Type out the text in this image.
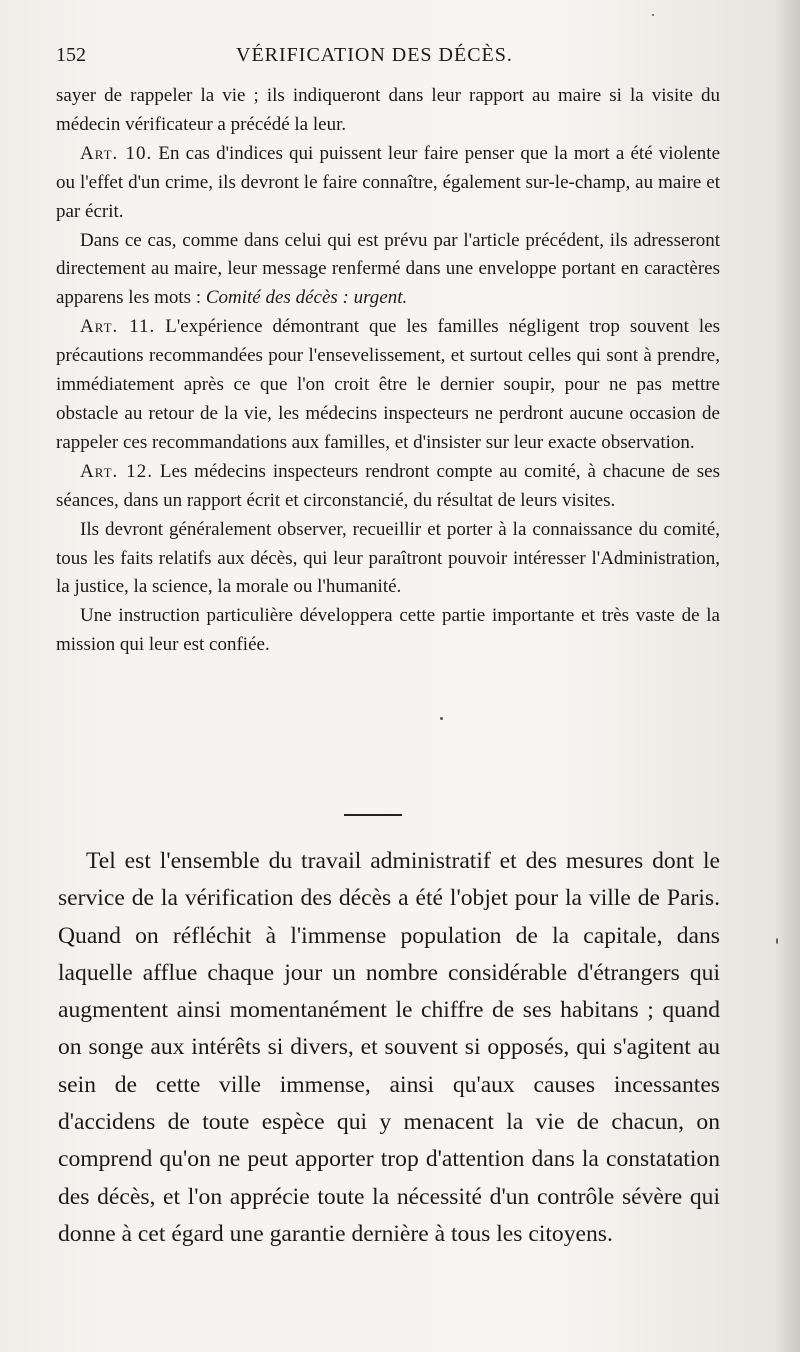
152	VÉRIFICATION DES DÉCÈS.

sayer de rappeler la vie ; ils indiqueront dans leur rapport au maire si la visite du médecin vérificateur a précédé la leur.

Art. 10. En cas d'indices qui puissent leur faire penser que la mort a été violente ou l'effet d'un crime, ils devront le faire connaître, également sur-le-champ, au maire et par écrit.

Dans ce cas, comme dans celui qui est prévu par l'article précédent, ils adresseront directement au maire, leur message renfermé dans une enveloppe portant en caractères apparens les mots : Comité des décès : urgent.

Art. 11. L'expérience démontrant que les familles négligent trop souvent les précautions recommandées pour l'ensevelissement, et surtout celles qui sont à prendre, immédiatement après ce que l'on croit être le dernier soupir, pour ne pas mettre obstacle au retour de la vie, les médecins inspecteurs ne perdront aucune occasion de rappeler ces recommandations aux familles, et d'insister sur leur exacte observation.

Art. 12. Les médecins inspecteurs rendront compte au comité, à chacune de ses séances, dans un rapport écrit et circonstancié, du résultat de leurs visites.

Ils devront généralement observer, recueillir et porter à la connaissance du comité, tous les faits relatifs aux décès, qui leur paraîtront pouvoir intéresser l'Administration, la justice, la science, la morale ou l'humanité.

Une instruction particulière développera cette partie importante et très vaste de la mission qui leur est confiée.

Tel est l'ensemble du travail administratif et des mesures dont le service de la vérification des décès a été l'objet pour la ville de Paris. Quand on réfléchit à l'immense population de la capitale, dans laquelle afflue chaque jour un nombre considérable d'étrangers qui augmentent ainsi momentanément le chiffre de ses habitans ; quand on songe aux intérêts si divers, et souvent si opposés, qui s'agitent au sein de cette ville immense, ainsi qu'aux causes incessantes d'accidens de toute espèce qui y menacent la vie de chacun, on comprend qu'on ne peut apporter trop d'attention dans la constatation des décès, et l'on apprécie toute la nécessité d'un contrôle sévère qui donne à cet égard une garantie dernière à tous les citoyens.
